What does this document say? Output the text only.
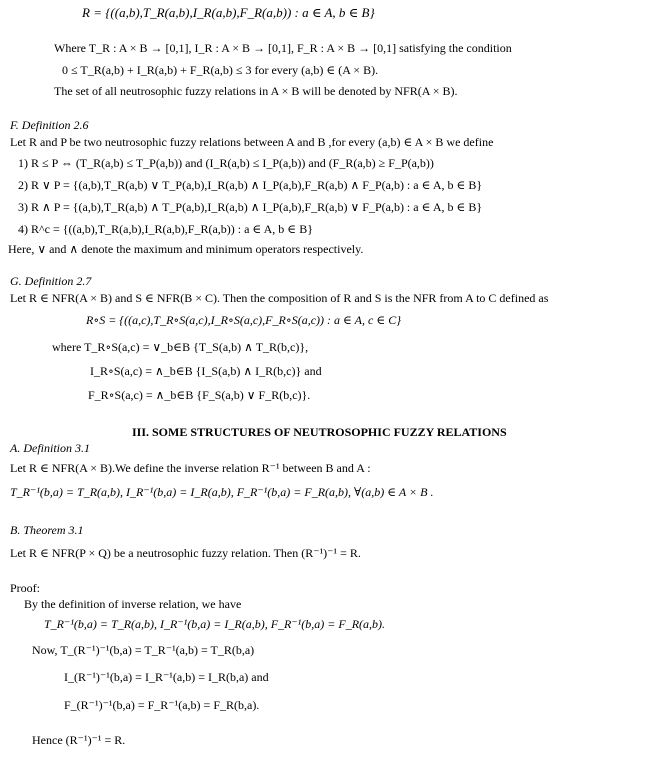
R = {((a,b),T_R(a,b),I_R(a,b),F_R(a,b)) : a ∈ A, b ∈ B}
Where T_R : A × B → [0,1], I_R : A × B → [0,1], F_R : A × B → [0,1] satisfying the condition
0 ≤ T_R(a,b) + I_R(a,b) + F_R(a,b) ≤ 3 for every (a,b) ∈ (A × B).
The set of all neutrosophic fuzzy relations in A × B will be denoted by NFR(A × B).
F. Definition 2.6
Let R and P be two neutrosophic fuzzy relations between A and B ,for every (a,b) ∈ A × B we define
1) R ≤ P ⇔ (T_R(a,b) ≤ T_P(a,b)) and (I_R(a,b) ≤ I_P(a,b)) and (F_R(a,b) ≥ F_P(a,b))
2) R ∨ P = {(a,b),T_R(a,b) ∨ T_P(a,b),I_R(a,b) ∧ I_P(a,b),F_R(a,b) ∧ F_P(a,b) : a ∈ A, b ∈ B}
3) R ∧ P = {(a,b),T_R(a,b) ∧ T_P(a,b),I_R(a,b) ∧ I_P(a,b),F_R(a,b) ∨ F_P(a,b) : a ∈ A, b ∈ B}
4) R^c = {((a,b),T_R(a,b),I_R(a,b),F_R(a,b)) : a ∈ A, b ∈ B}
Here, ∨ and ∧ denote the maximum and minimum operators respectively.
G. Definition 2.7
Let R ∈ NFR(A × B) and S ∈ NFR(B × C). Then the composition of R and S is the NFR from A to C defined as
R∘S = {((a,c),T_R∘S(a,c),I_R∘S(a,c),F_R∘S(a,c)) : a ∈ A, c ∈ C}
where T_R∘S(a,c) = ∨_b∈B {T_S(a,b) ∧ T_R(b,c)},
I_R∘S(a,c) = ∧_b∈B {I_S(a,b) ∧ I_R(b,c)} and
F_R∘S(a,c) = ∧_b∈B {F_S(a,b) ∨ F_R(b,c)}.
III. SOME STRUCTURES OF NEUTROSOPHIC FUZZY RELATIONS
A. Definition 3.1
Let R ∈ NFR(A × B).We define the inverse relation R⁻¹ between B and A :
T_R⁻¹(b,a) = T_R(a,b), I_R⁻¹(b,a) = I_R(a,b), F_R⁻¹(b,a) = F_R(a,b), ∀(a,b) ∈ A × B .
B. Theorem 3.1
Let R ∈ NFR(P × Q) be a neutrosophic fuzzy relation. Then (R⁻¹)⁻¹ = R.
Proof:
By the definition of inverse relation, we have
T_R⁻¹(b,a) = T_R(a,b), I_R⁻¹(b,a) = I_R(a,b), F_R⁻¹(b,a) = F_R(a,b).
Now, T_(R⁻¹)⁻¹(b,a) = T_R⁻¹(a,b) = T_R(b,a)
I_(R⁻¹)⁻¹(b,a) = I_R⁻¹(a,b) = I_R(b,a) and
F_(R⁻¹)⁻¹(b,a) = F_R⁻¹(a,b) = F_R(b,a).
Hence (R⁻¹)⁻¹ = R.
